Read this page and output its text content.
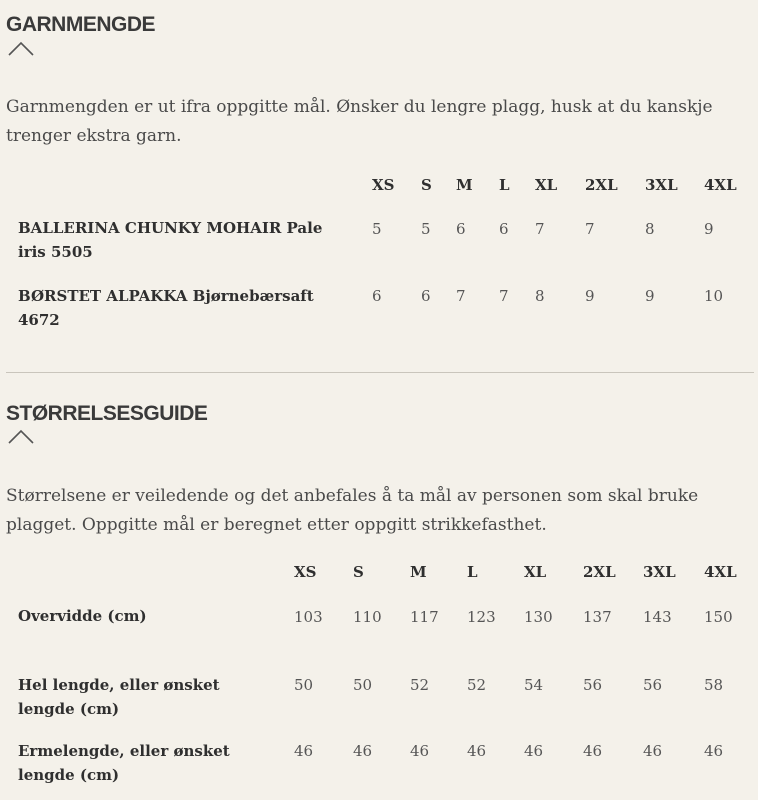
GARNMENGDE

Garnmengden er ut ifra oppgitte mål. Ønsker du lengre plagg, husk at du kanskje trenger ekstra garn.

XS S M L XL 2XL 3XL 4XL
BALLERINA CHUNKY MOHAIR Pale
iris 5505
5	5 6 6 7	7	8	9
BØRSTET ALPAKKA Bjørnebærsaft
4672
6	6 7 7 8	9	9	10
STØRRELSESGUIDE

Størrelsene er veiledende og det anbefales å ta mål av personen som skal bruke plagget. Oppgitte mål er beregnet etter oppgitt strikkefasthet.

XS S	M	L	XL 2XL 3XL 4XL
Overvidde (cm)	103 110 117 123 130 137 143 150
Hel lengde, eller ønsket
lengde (cm)
50	50	52	52	54	56	56	58
Ermelengde, eller ønsket
lengde (cm)
46	46	46	46	46	46	46	46
